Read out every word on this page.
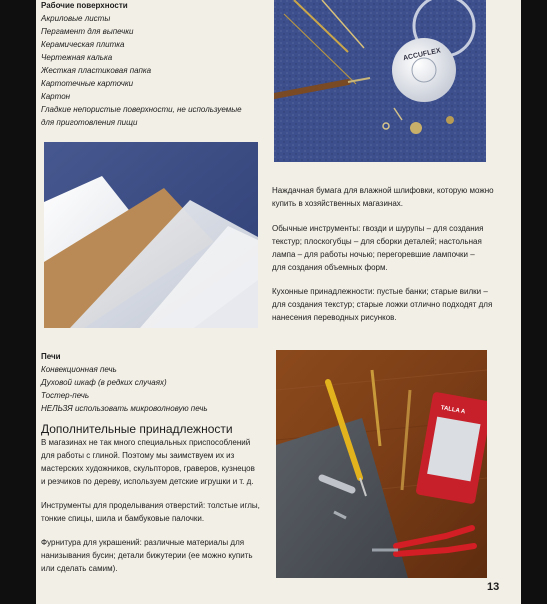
Рабочие поверхности
Акриловые листы
Пергамент для выпечки
Керамическая плитка
Чертежная калька
Жесткая пластиковая папка
Картотечные карточки
Картон
Гладкие непористые поверхности, не используемые
для приготовления пищи
Печи
Конвекционная печь
Духовой шкаф (в редких случаях)
Тостер-печь
НЕЛЬЗЯ использовать микроволновую печь
Дополнительные принадлежности
В магазинах не так много специальных приспособлений
для работы с глиной. Поэтому мы заимствуем их из
мастерских художников, скульпторов, граверов, кузнецов
и резчиков по дереву, используем детские игрушки и т. д.
Инструменты для проделывания отверстий: толстые иглы,
тонкие спицы, шила и бамбуковые палочки.
Фурнитура для украшений: различные материалы для
нанизывания бусин; детали бижутерии (ее можно купить
или сделать самим).
ACCUFLEX
Наждачная бумага для влажной шлифовки, которую можно
купить в хозяйственных магазинах.
Обычные инструменты: гвозди и шурупы – для создания
текстур; плоскогубцы – для сборки деталей; настольная
лампа – для работы ночью; перегоревшие лампочки –
для создания объемных форм.
Кухонные принадлежности: пустые банки; старые вилки –
для создания текстур; старые ложки отлично подходят для
нанесения переводных рисунков.
TALLA A
13
